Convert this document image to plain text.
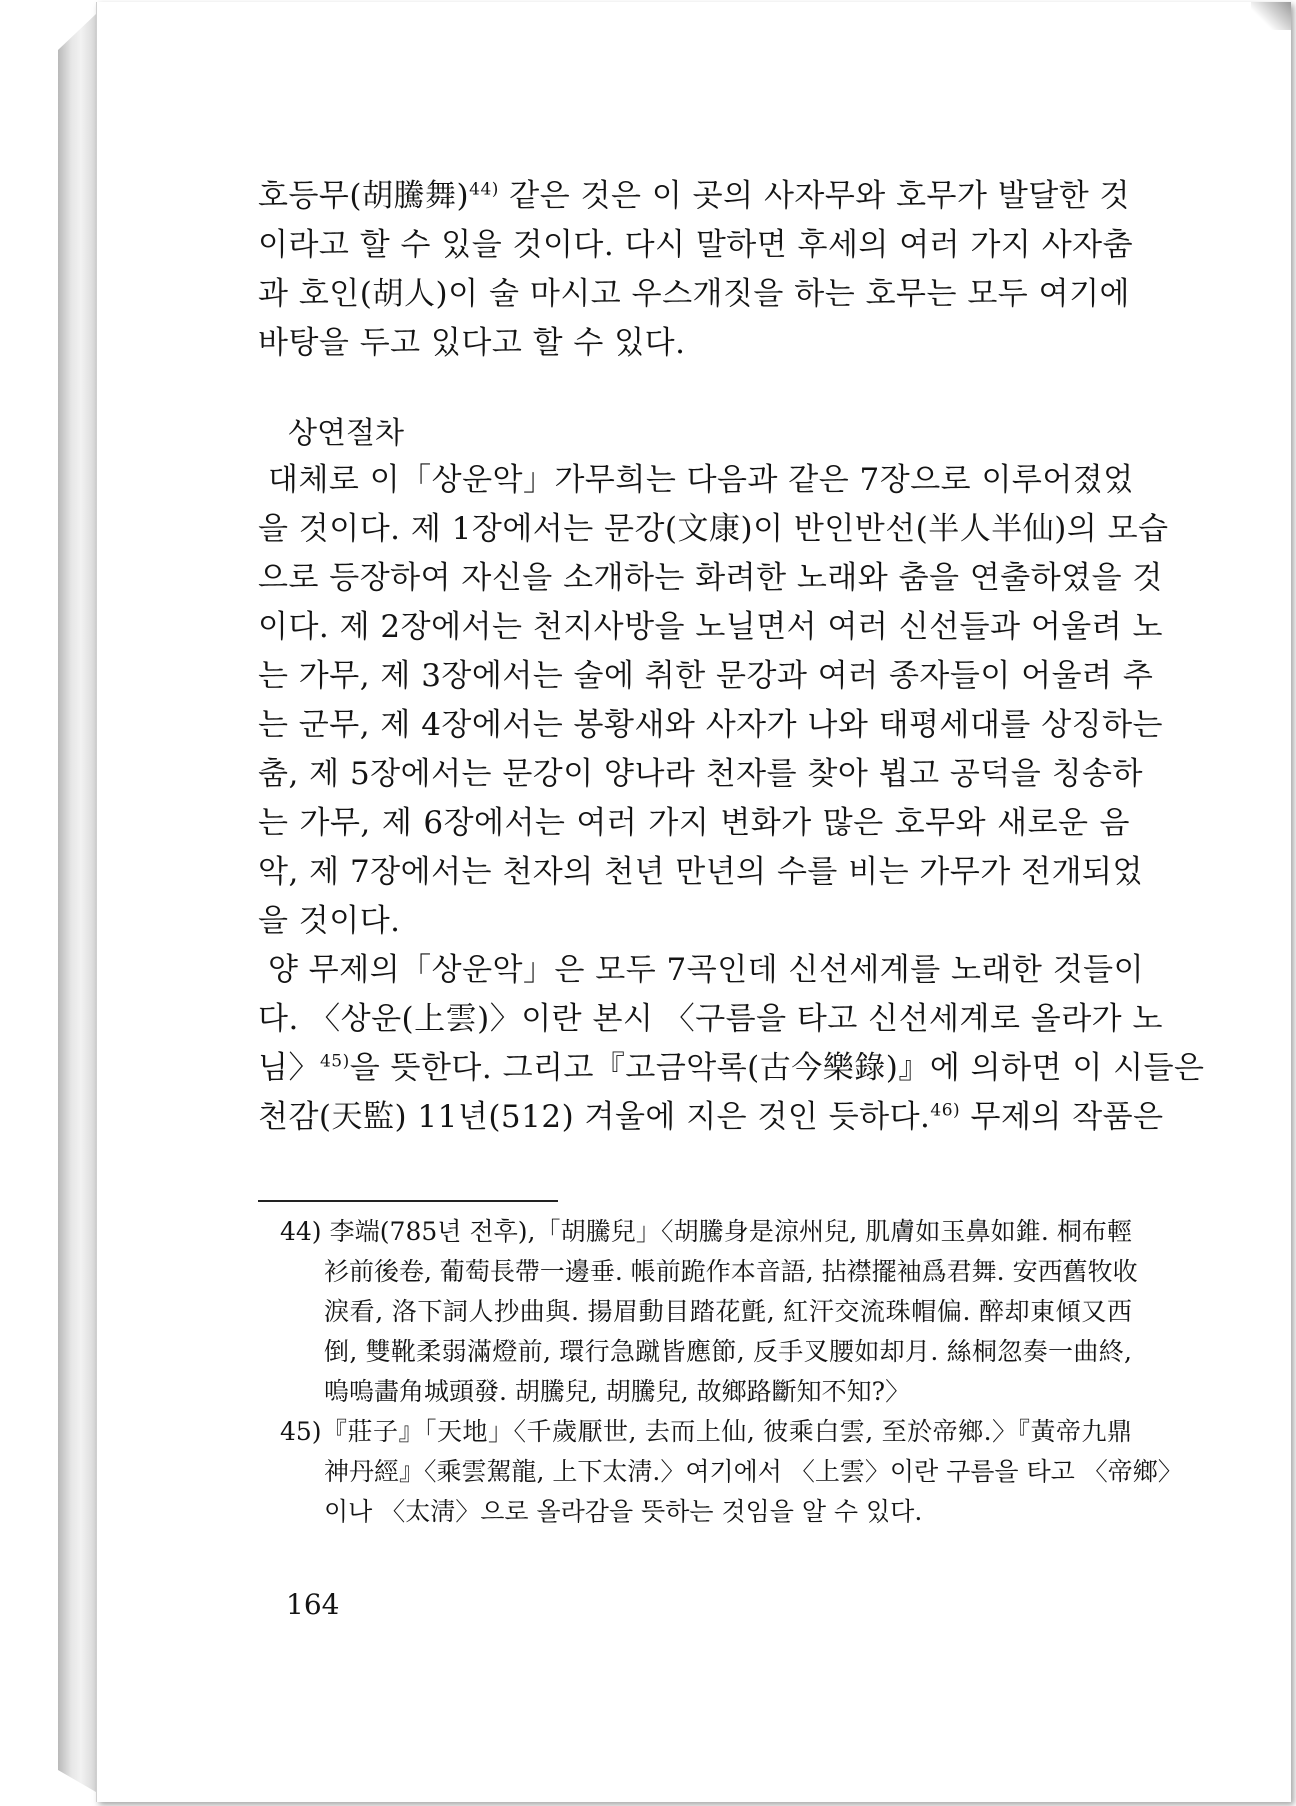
호등무(胡騰舞)$^{44)}$ 같은 것은 이 곳의 사자무와 호무가 발달한 것
이라고 할 수 있을 것이다. 다시 말하면 후세의 여러 가지 사자춤
과 호인(胡人)이 술 마시고 우스개짓을 하는 호무는 모두 여기에
바탕을 두고 있다고 할 수 있다.

상연절차

대체로 이「상운악」가무희는 다음과 같은 7장으로 이루어졌었
을 것이다. 제 1장에서는 문강(文康)이 반인반선(半人半仙)의 모습
으로 등장하여 자신을 소개하는 화려한 노래와 춤을 연출하였을 것
이다. 제 2장에서는 천지사방을 노닐면서 여러 신선들과 어울려 노
는 가무, 제 3장에서는 술에 취한 문강과 여러 종자들이 어울려 추
는 군무, 제 4장에서는 봉황새와 사자가 나와 태평세대를 상징하는
춤, 제 5장에서는 문강이 양나라 천자를 찾아 뵙고 공덕을 칭송하
는 가무, 제 6장에서는 여러 가지 변화가 많은 호무와 새로운 음
악, 제 7장에서는 천자의 천년 만년의 수를 비는 가무가 전개되었
을 것이다.

양 무제의「상운악」은 모두 7곡인데 신선세계를 노래한 것들이
다. 〈상운(上雲)〉이란 본시 〈구름을 타고 신선세계로 올라가 노
님〉$^{45)}$을 뜻한다. 그리고『고금악록(古今樂錄)』에 의하면 이 시들은
천감(天監) 11년(512) 겨울에 지은 것인 듯하다.$^{46)}$ 무제의 작품은

44) 李端(785년 전후),「胡騰兒」〈胡騰身是涼州兒, 肌膚如玉鼻如錐. 桐布輕
衫前後卷, 葡萄長帶一邊垂. 帳前跪作本音語, 拈襟擺袖爲君舞. 安西舊牧收
淚看, 洛下詞人抄曲與. 揚眉動目踏花氈, 紅汗交流珠帽偏. 醉却東傾又西
倒, 雙靴柔弱滿燈前, 環行急蹴皆應節, 反手叉腰如却月. 絲桐忽奏一曲終,
嗚嗚畵角城頭發. 胡騰兒, 胡騰兒, 故鄉路斷知不知?〉

45)『莊子』「天地」〈千歲厭世, 去而上仙, 彼乘白雲, 至於帝鄉.〉『黃帝九鼎
神丹經』〈乘雲駕龍, 上下太淸.〉여기에서 〈上雲〉이란 구름을 타고 〈帝鄉〉
이나 〈太淸〉으로 올라감을 뜻하는 것임을 알 수 있다.

164
